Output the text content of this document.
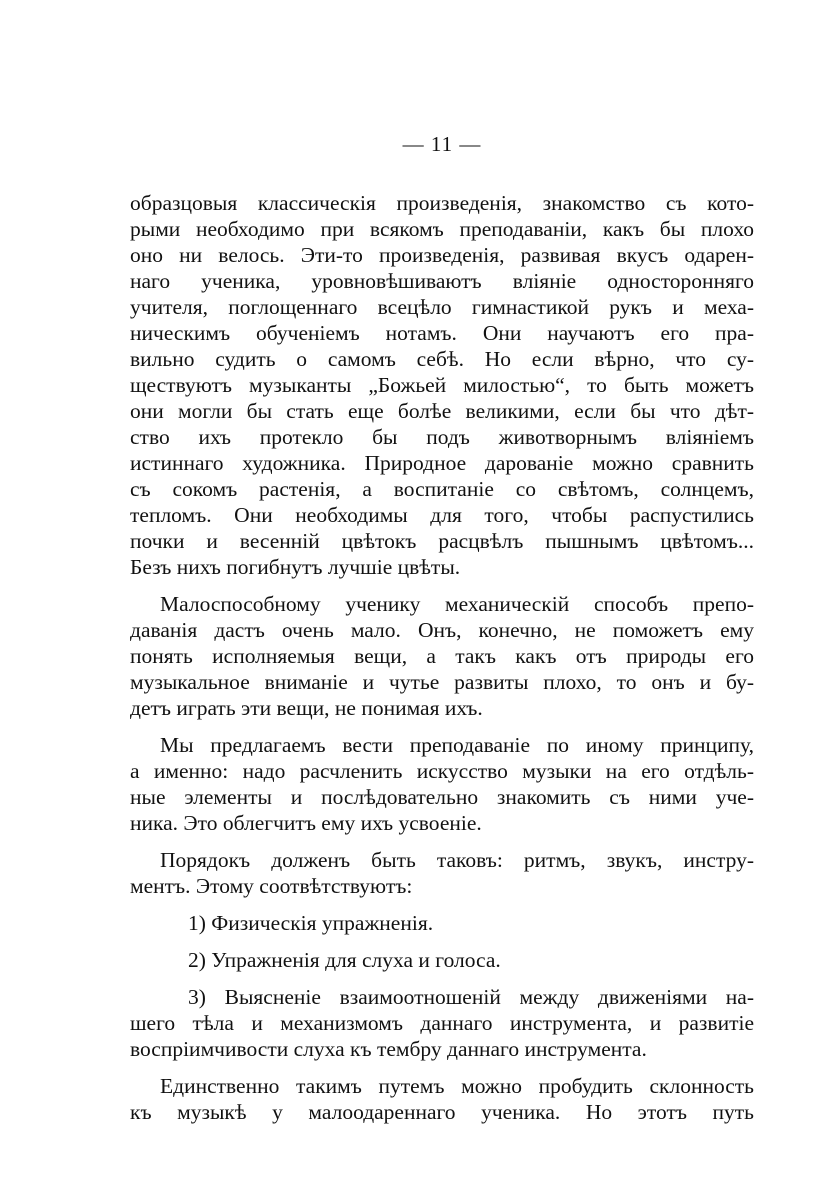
— 11 —

образцовыя классическія произведенія, знакомство съ кото-
рыми необходимо при всякомъ преподаваніи, какъ бы плохо
оно ни велось. Эти-то произведенія, развивая вкусъ одарен-
наго ученика, уровновѣшиваютъ вліяніе односторонняго
учителя, поглощеннаго всецѣло гимнастикой рукъ и меха-
ническимъ обученіемъ нотамъ. Они научаютъ его пра-
вильно судить о самомъ себѣ. Но если вѣрно, что су-
ществуютъ музыканты „Божьей милостью“, то быть можетъ
они могли бы стать еще болѣе великими, если бы что дѣт-
ство ихъ протекло бы подъ животворнымъ вліяніемъ
истиннаго художника. Природное дарованіе можно сравнить
съ сокомъ растенія, а воспитаніе со свѣтомъ, солнцемъ,
тепломъ. Они необходимы для того, чтобы распустились
почки и весенній цвѣтокъ расцвѣлъ пышнымъ цвѣтомъ...
Безъ нихъ погибнутъ лучшіе цвѣты.

Малоспособному ученику механическій способъ препо-
даванія дастъ очень мало. Онъ, конечно, не поможетъ ему
понять исполняемыя вещи, а такъ какъ отъ природы его
музыкальное вниманіе и чутье развиты плохо, то онъ и бу-
детъ играть эти вещи, не понимая ихъ.

Мы предлагаемъ вести преподаваніе по иному принципу,
а именно: надо расчленить искусство музыки на его отдѣль-
ные элементы и послѣдовательно знакомить съ ними уче-
ника. Это облегчитъ ему ихъ усвоеніе.

Порядокъ долженъ быть таковъ: ритмъ, звукъ, инстру-
ментъ. Этому соотвѣтствуютъ:

1) Физическія упражненія.

2) Упражненія для слуха и голоса.

3) Выясненіе взаимоотношеній между движеніями на-
шего тѣла и механизмомъ даннаго инструмента, и развитіе
воспріимчивости слуха къ тембру даннаго инструмента.

Единственно такимъ путемъ можно пробудить склонность
къ музыкѣ у малоодареннаго ученика. Но этотъ путь
